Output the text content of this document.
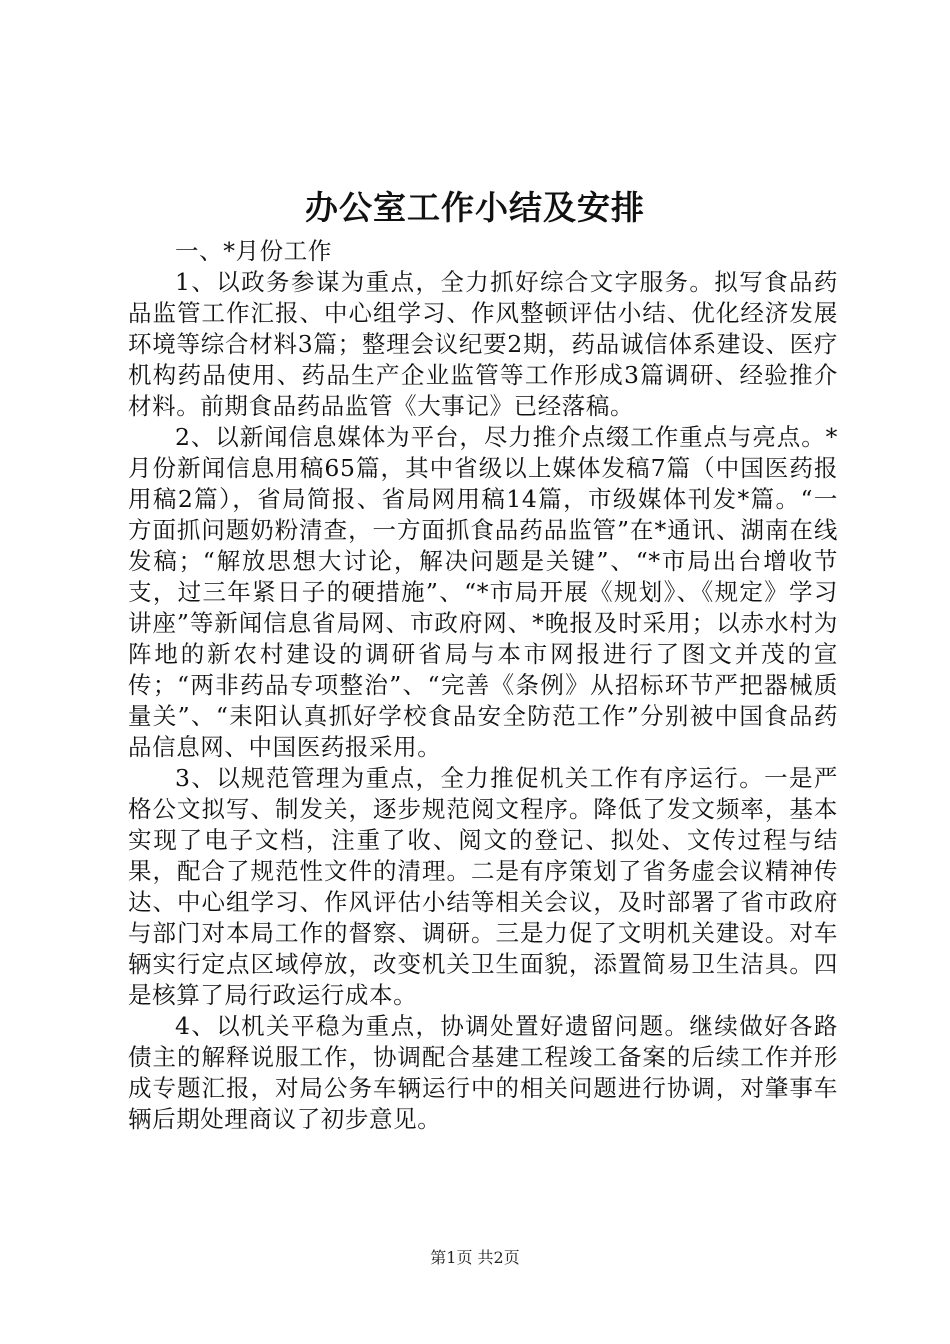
办公室工作小结及安排

一、*月份工作

1、以政务参谋为重点，全力抓好综合文字服务。拟写食品药品监管工作汇报、中心组学习、作风整顿评估小结、优化经济发展环境等综合材料3篇；整理会议纪要2期，药品诚信体系建设、医疗机构药品使用、药品生产企业监管等工作形成3篇调研、经验推介材料。前期食品药品监管《大事记》已经落稿。

2、以新闻信息媒体为平台，尽力推介点缀工作重点与亮点。*月份新闻信息用稿65篇，其中省级以上媒体发稿7篇（中国医药报用稿2篇），省局简报、省局网用稿14篇，市级媒体刊发*篇。“一方面抓问题奶粉清查，一方面抓食品药品监管”在*通讯、湖南在线发稿；“解放思想大讨论，解决问题是关键”、“*市局出台增收节支，过三年紧日子的硬措施”、“*市局开展《规划》、《规定》学习讲座”等新闻信息省局网、市政府网、*晚报及时采用；以赤水村为阵地的新农村建设的调研省局与本市网报进行了图文并茂的宣传；“两非药品专项整治”、“完善《条例》从招标环节严把器械质量关”、“耒阳认真抓好学校食品安全防范工作”分别被中国食品药品信息网、中国医药报采用。

3、以规范管理为重点，全力推促机关工作有序运行。一是严格公文拟写、制发关，逐步规范阅文程序。降低了发文频率，基本实现了电子文档，注重了收、阅文的登记、拟处、文传过程与结果，配合了规范性文件的清理。二是有序策划了省务虚会议精神传达、中心组学习、作风评估小结等相关会议，及时部署了省市政府与部门对本局工作的督察、调研。三是力促了文明机关建设。对车辆实行定点区域停放，改变机关卫生面貌，添置简易卫生洁具。四是核算了局行政运行成本。

4、以机关平稳为重点，协调处置好遗留问题。继续做好各路债主的解释说服工作，协调配合基建工程竣工备案的后续工作并形成专题汇报，对局公务车辆运行中的相关问题进行协调，对肇事车辆后期处理商议了初步意见。

第1页 共2页
